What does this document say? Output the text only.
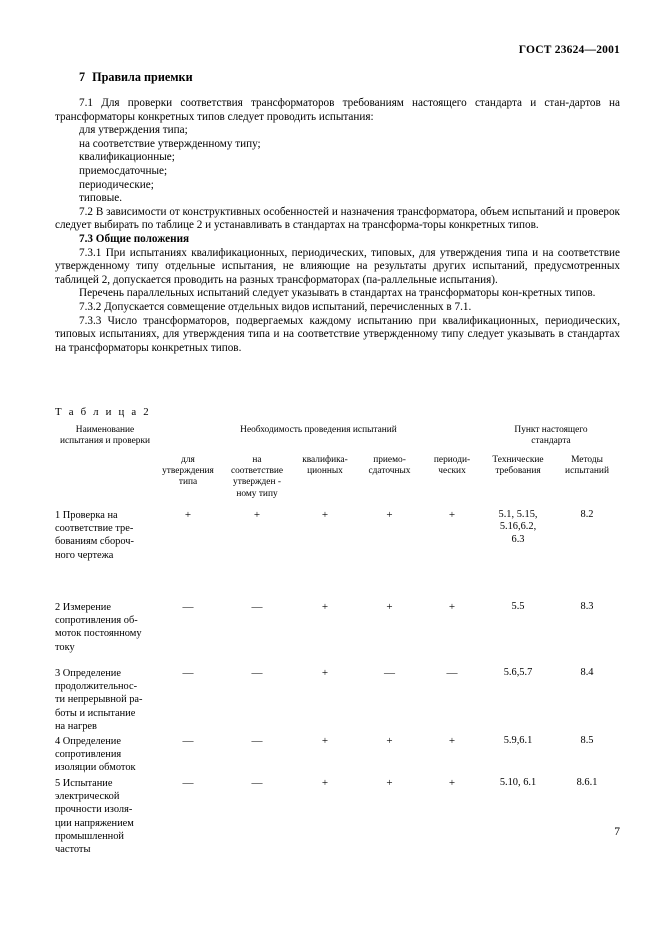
ГОСТ 23624—2001
7 Правила приемки

7.1 Для проверки соответствия трансформаторов требованиям настоящего стандарта и стан-дартов на трансформаторы конкретных типов следует проводить испытания:

для утверждения типа;
на соответствие утвержденному типу;
квалификационные;
приемосдаточные;
периодические;
типовые.

7.2 В зависимости от конструктивных особенностей и назначения трансформатора, объем испытаний и проверок следует выбирать по таблице 2 и устанавливать в стандартах на трансформа-торы конкретных типов.

7.3 Общие положения

7.3.1 При испытаниях квалификационных, периодических, типовых, для утверждения типа и на соответствие утвержденному типу отдельные испытания, не влияющие на результаты других испытаний, предусмотренных таблицей 2, допускается проводить на разных трансформаторах (па-раллельные испытания).

Перечень параллельных испытаний следует указывать в стандартах на трансформаторы кон-кретных типов.

7.3.2 Допускается совмещение отдельных видов испытаний, перечисленных в 7.1.

7.3.3 Число трансформаторов, подвергаемых каждому испытанию при квалификационных, периодических, типовых испытаниях, для утверждения типа и на соответствие утвержденному типу следует указывать в стандартах на трансформаторы конкретных типов.

Т а б л и ц а 2
Наименование испытания и проверки	Необходимость проведения испытаний					Пункт настоящего
стандарта	
	для
утверждения
типа	на
соответствие
утвержден -
ному типу	квалифика-
ционных	приемо-
сдаточных	периоди-
ческих	Технические
требования	Методы
испытаний
1 Проверка на
соответствие тре-
бованиям сбороч-
ного чертежа	+	+	+	+	+	5.1, 5.15,
5.16,6.2,
6.3	8.2
2 Измерение
сопротивления об-
моток постоянному
току	—	—	+	+	+	5.5	8.3
3 Определение
продолжительнос-
ти непрерывной ра-
боты и испытание
на нагрев	—	—	+	—	—	5.6,5.7	8.4
4 Определение
сопротивления
изоляции обмоток	—	—	+	+	+	5.9,6.1	8.5
5 Испытание
электрической
прочности изоля-
ции напряжением
промышленной
частоты	—	—	+	+	+	5.10, 6.1	8.6.1
7
